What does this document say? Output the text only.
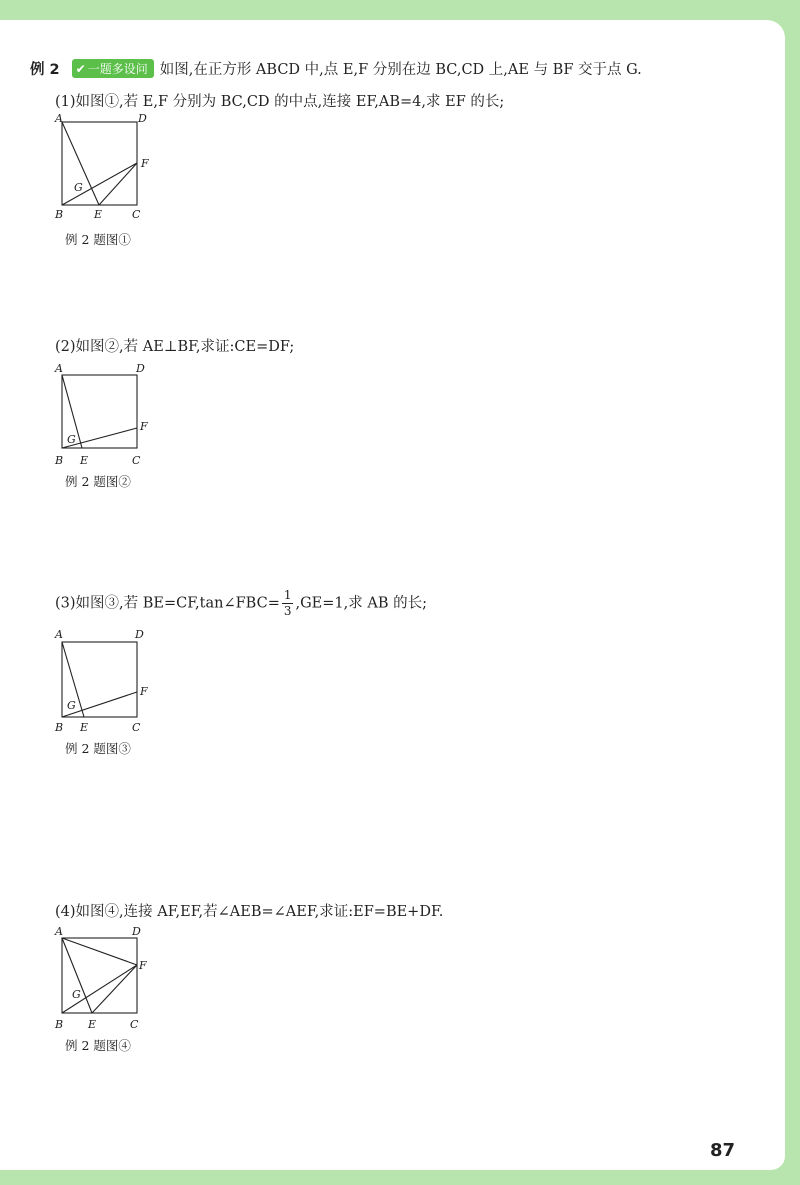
例 2 ✔ 一题多设问 如图,在正方形 ABCD 中,点 E,F 分别在边 BC,CD 上,AE 与 BF 交于点 G.
(1)如图①,若 E,F 分别为 BC,CD 的中点,连接 EF,AB=4,求 EF 的长;
A	D
F
G
B	E	C
例 2 题图①
(2)如图②,若 AE⊥BF,求证:CE=DF;
A	D
F
G
B E	C
例 2 题图②
(3)如图③,若 BE=CF,tan∠FBC= $\frac{1}{3} ,GE=1$,求 AB 的长;
A	D
F
G
B E	C
例 2 题图③
(4)如图④,连接 AF,EF,若∠AEB=∠AEF,求证:EF=BE+DF.
A	D
F
G
B E	C
例 2 题图④
87
